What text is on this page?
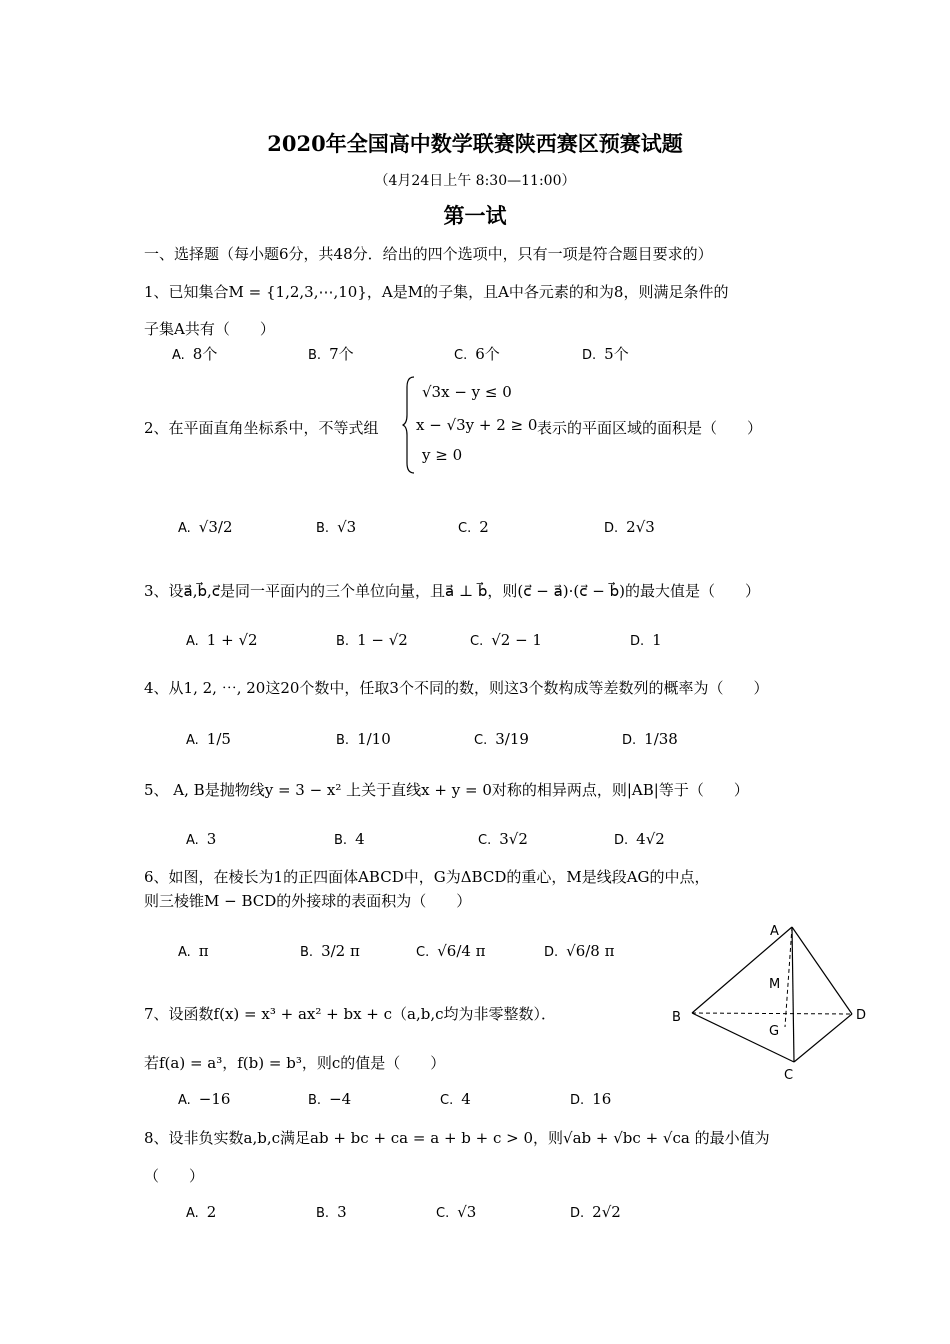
2020年全国高中数学联赛陕西赛区预赛试题
（4月24日上午 8:30—11:00）
第一试
一、选择题（每小题6分，共48分．给出的四个选项中，只有一项是符合题目要求的）
1、已知集合M = {1,2,3,⋯,10}，A是M的子集，且A中各元素的和为8，则满足条件的
子集A共有（　　）
A. 8个	B. 7个	C. 6个	D. 5个
2、在平面直角坐标系中，不等式组
√3x − y ≤ 0
x − √3y + 2 ≥ 0
y ≥ 0
表示的平面区域的面积是（　　）
A. √3/2	B. √3	C. 2	D. 2√3
3、设a⃗,b⃗,c⃗是同一平面内的三个单位向量，且a⃗ ⊥ b⃗，则(c⃗ − a⃗)·(c⃗ − b⃗)的最大值是（　　）
A. 1 + √2	B. 1 − √2	C. √2 − 1	D. 1
4、从1, 2, ⋯, 20这20个数中，任取3个不同的数，则这3个数构成等差数列的概率为（　　）
A. 1/5	B. 1/10	C. 3/19	D. 1/38
5、 A, B是抛物线y = 3 − x² 上关于直线x + y = 0对称的相异两点，则|AB|等于（　　）
A. 3	B. 4	C. 3√2	D. 4√2
6、如图，在棱长为1的正四面体ABCD中，G为ΔBCD的重心，M是线段AG的中点，
则三棱锥M − BCD的外接球的表面积为（　　）
A. π	B. 3/2 π	C. √6/4 π	D. √6/8 π
A
B
C
D
G
M
7、设函数f(x) = x³ + ax² + bx + c（a,b,c均为非零整数）．
若f(a) = a³，f(b) = b³，则c的值是（　　）
A. −16	B. −4	C. 4	D. 16
8、设非负实数a,b,c满足ab + bc + ca = a + b + c > 0，则√ab + √bc + √ca 的最小值为
（　　）
A. 2	B. 3	C. √3	D. 2√2
